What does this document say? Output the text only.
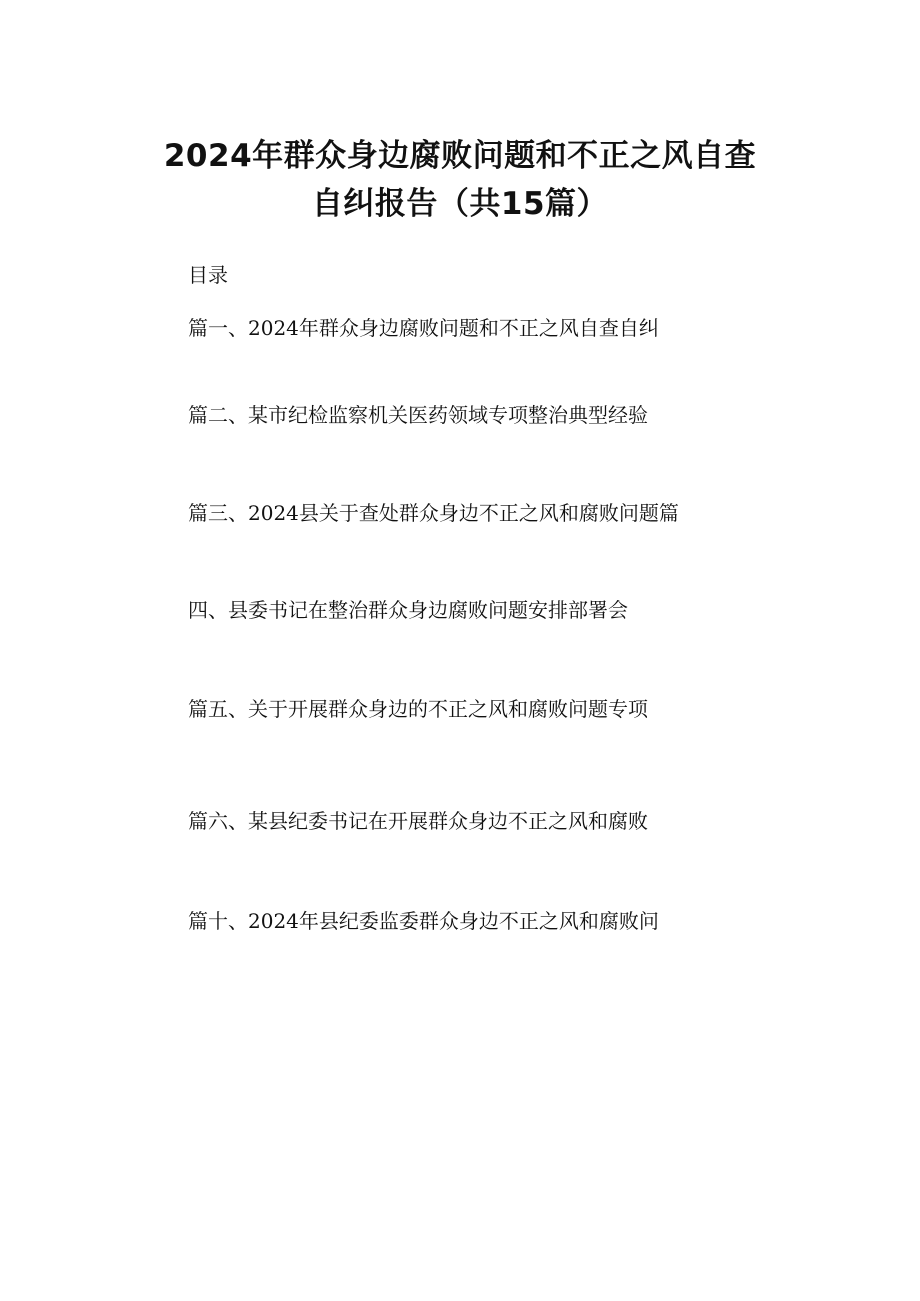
2024年群众身边腐败问题和不正之风自查
自纠报告（共15篇）
目录
篇一、2024年群众身边腐败问题和不正之风自查自纠
篇二、某市纪检监察机关医药领域专项整治典型经验
篇三、2024县关于查处群众身边不正之风和腐败问题篇
四、县委书记在整治群众身边腐败问题安排部署会
篇五、关于开展群众身边的不正之风和腐败问题专项
篇六、某县纪委书记在开展群众身边不正之风和腐败
篇十、2024年县纪委监委群众身边不正之风和腐败问
